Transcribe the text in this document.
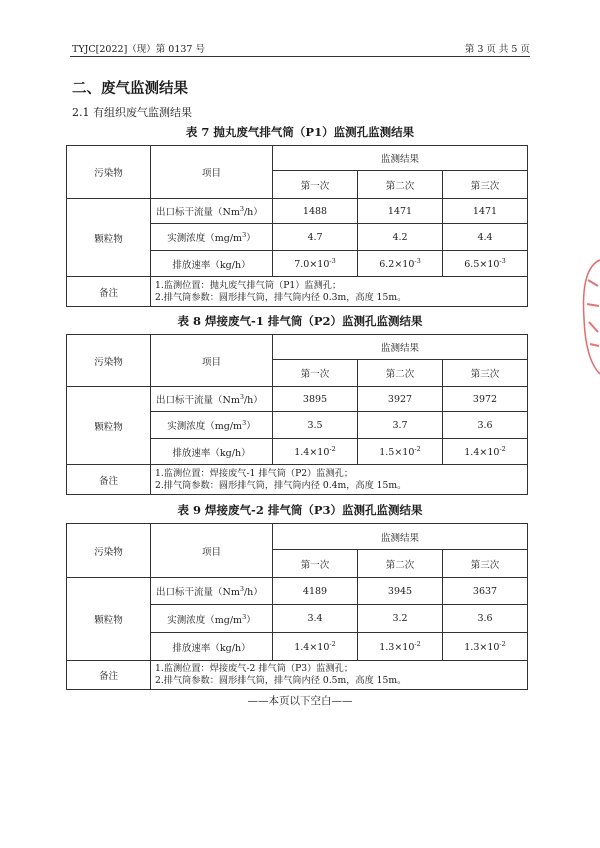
TYJC[2022]（现）第 0137 号	第 3 页 共 5 页
二、废气监测结果
2.1 有组织废气监测结果
表 7 抛丸废气排气筒（P1）监测孔监测结果
污染物	项目	监测结果		
		第一次	第二次	第三次
颗粒物	出口标干流量（Nm$^3$/h）	1488	1471	1471
	实测浓度$(mg/m^3)$	4.7	4.2	4.4
	排放速率（kg/h）	$7.0\times 10^{-3}$	$6.2\times 10^{-3}$	$6.5\times 10^{-3}$
备注	1.监测位置：抛丸废气排气筒（P1）监测孔；
2.排气筒参数：圆形排气筒，排气筒内径 0.3m，高度 15m。			
表 8 焊接废气-1 排气筒（P2）监测孔监测结果
污染物	项目	监测结果		
		第一次	第二次	第三次
颗粒物	出口标干流量（Nm$^3$/h）	3895	3927	3972
	实测浓度$(mg/m^3)$	3.5	3.7	3.6
	排放速率（kg/h）	$1.4\times 10^{-2}$	$1.5\times 10^{-2}$	$1.4\times 10^{-2}$
备注	1.监测位置：焊接废气-1 排气筒（P2）监测孔；
2.排气筒参数：圆形排气筒，排气筒内径 0.4m，高度 15m。			
表 9 焊接废气-2 排气筒（P3）监测孔监测结果
污染物	项目	监测结果		
		第一次	第二次	第三次
颗粒物	出口标干流量（Nm$^3$/h）	4189	3945	3637
	实测浓度$(mg/m^3)$	3.4	3.2	3.6
	排放速率（kg/h）	$1.4\times 10^{-2}$	$1.3\times 10^{-2}$	$1.3\times 10^{-2}$
备注	1.监测位置：焊接废气-2 排气筒（P3）监测孔；
2.排气筒参数：圆形排气筒，排气筒内径 0.5m，高度 15m。			
——本页以下空白——
